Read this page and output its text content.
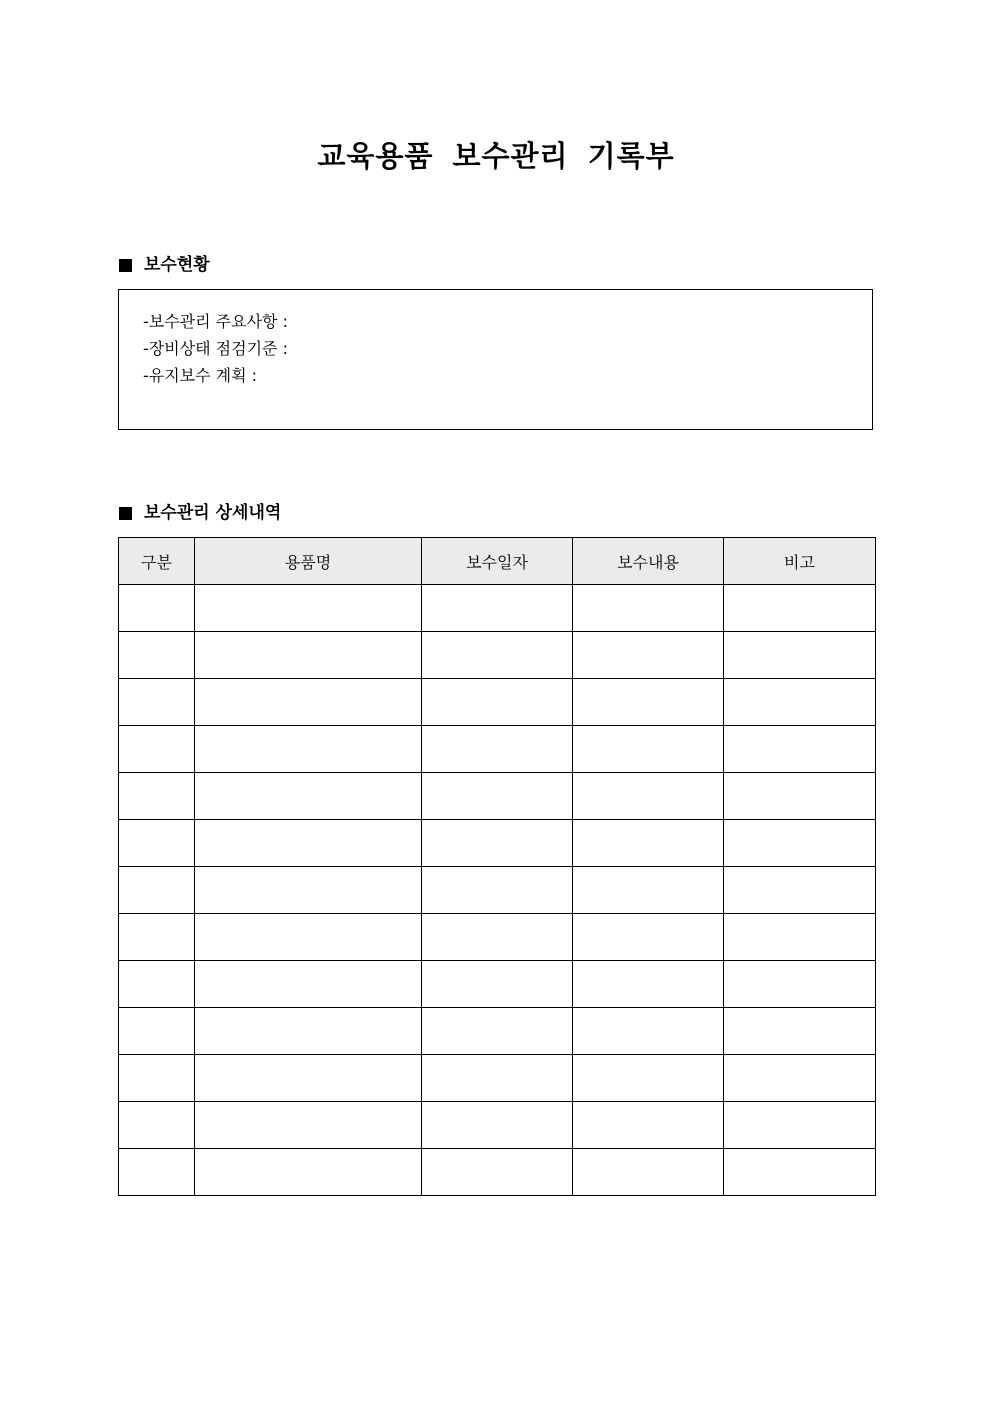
교육용품 보수관리 기록부
보수현황
-보수관리 주요사항 :
-장비상태 점검기준 :
-유지보수 계획 :
보수관리 상세내역
구분	용품명	보수일자	보수내용	비고
